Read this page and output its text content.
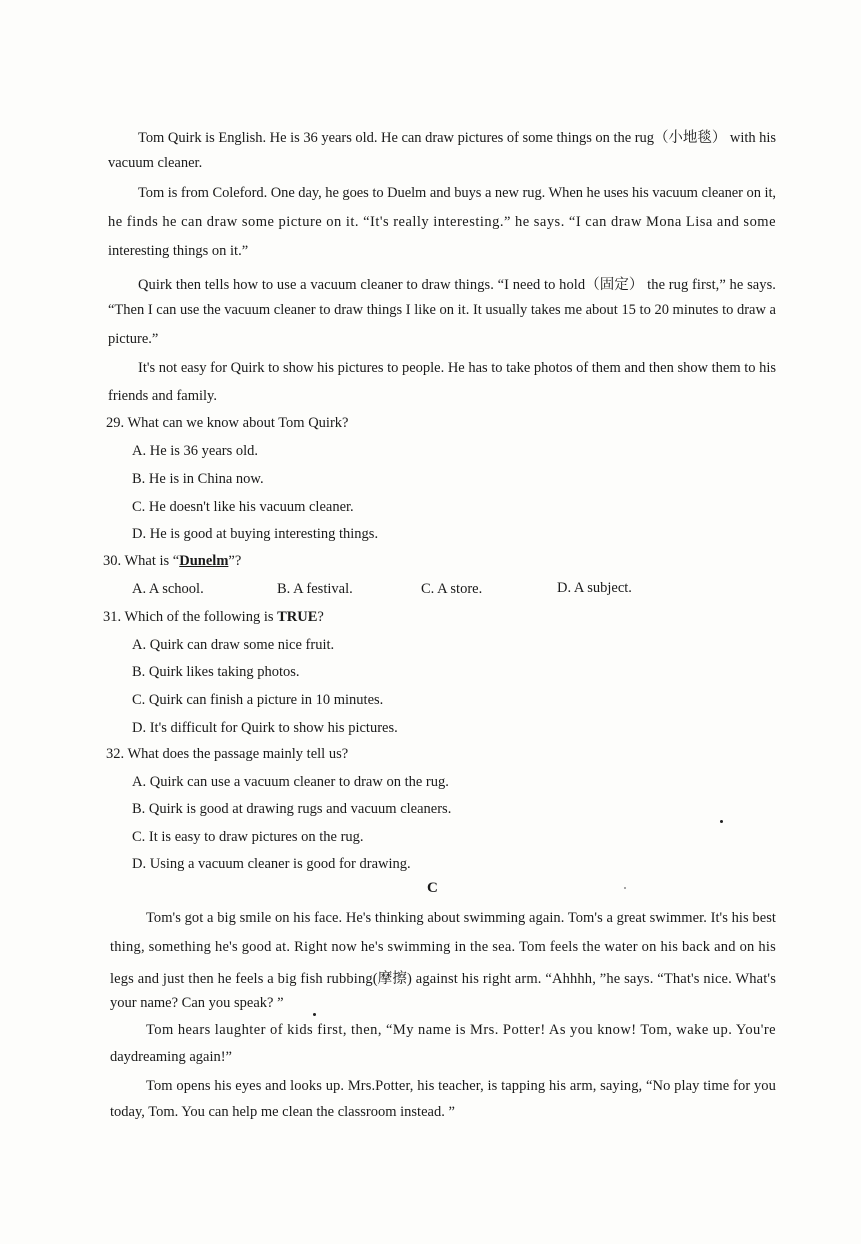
Tom Quirk is English. He is 36 years old. He can draw pictures of some things on the rug（小地毯） with his
vacuum cleaner.
Tom is from Coleford. One day, he goes to Duelm and buys a new rug. When he uses his vacuum cleaner on it,
he finds he can draw some picture on it. “It's really interesting.” he says. “I can draw Mona Lisa and some
interesting things on it.”
Quirk then tells how to use a vacuum cleaner to draw things. “I need to hold（固定） the rug first,” he says.
“Then I can use the vacuum cleaner to draw things I like on it. It usually takes me about 15 to 20 minutes to draw a
picture.”
It's not easy for Quirk to show his pictures to people. He has to take photos of them and then show them to his
friends and family.
29. What can we know about Tom Quirk?
A. He is 36 years old.
B. He is in China now.
C. He doesn't like his vacuum cleaner.
D. He is good at buying interesting things.
30. What is “Dunelm”?
A. A school.	B. A festival.	C. A store.	D. A subject.
31. Which of the following is TRUE?
A. Quirk can draw some nice fruit.
B. Quirk likes taking photos.
C. Quirk can finish a picture in 10 minutes.
D. It's difficult for Quirk to show his pictures.
32. What does the passage mainly tell us?
A. Quirk can use a vacuum cleaner to draw on the rug.
B. Quirk is good at drawing rugs and vacuum cleaners.
C. It is easy to draw pictures on the rug.
D. Using a vacuum cleaner is good for drawing.
C
Tom's got a big smile on his face. He's thinking about swimming again. Tom's a great swimmer. It's his best
thing, something he's good at. Right now he's swimming in the sea. Tom feels the water on his back and on his
legs and just then he feels a big fish rubbing(摩擦) against his right arm. “Ahhhh, ”he says. “That's nice. What's
your name? Can you speak? ”
Tom hears laughter of kids first, then, “My name is Mrs. Potter! As you know! Tom, wake up. You're
daydreaming again!”
Tom opens his eyes and looks up. Mrs.Potter, his teacher, is tapping his arm, saying, “No play time for you
today, Tom. You can help me clean the classroom instead. ”
